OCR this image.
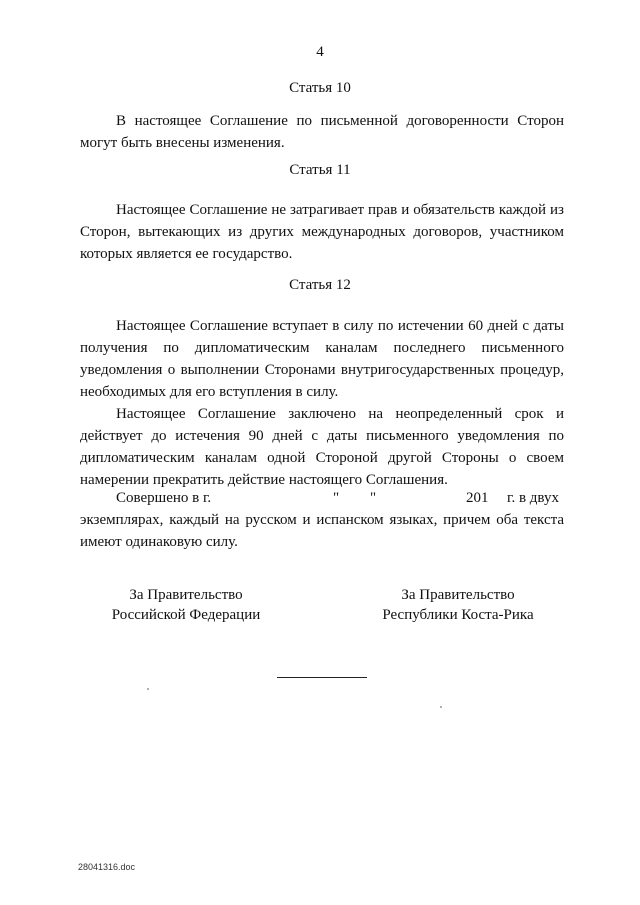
4
Статья 10
В настоящее Соглашение по письменной договоренности Сторон могут быть внесены изменения.
Статья 11
Настоящее Соглашение не затрагивает прав и обязательств каждой из Сторон, вытекающих из других международных договоров, участником которых является ее государство.
Статья 12
Настоящее Соглашение вступает в силу по истечении 60 дней с даты получения по дипломатическим каналам последнего письменного уведомления о выполнении Сторонами внутригосударственных процедур, необходимых для его вступления в силу.
Настоящее Соглашение заключено на неопределенный срок и действует до истечения 90 дней с даты письменного уведомления по дипломатическим каналам одной Стороной другой Стороны о своем намерении прекратить действие настоящего Соглашения.
Совершено в г.	" "	201 г. в двух
экземплярах, каждый на русском и испанском языках, причем оба текста имеют одинаковую силу.
За Правительство
Российской Федерации
За Правительство
Республики Коста-Рика
28041316.doc
